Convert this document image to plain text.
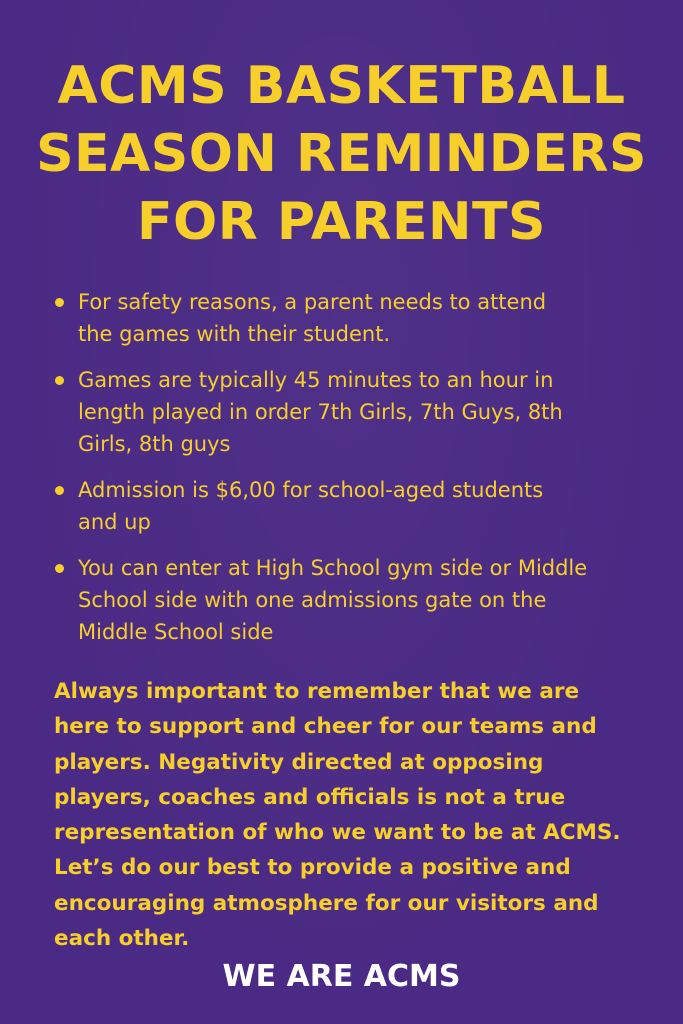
ACMS BASKETBALL
SEASON REMINDERS
FOR PARENTS
For safety reasons, a parent needs to attend
the games with their student.
Games are typically 45 minutes to an hour in
length played in order 7th Girls, 7th Guys, 8th
Girls, 8th guys
Admission is $6,00 for school-aged students
and up
You can enter at High School gym side or Middle
School side with one admissions gate on the
Middle School side

Always important to remember that we are
here to support and cheer for our teams and
players. Negativity directed at opposing
players, coaches and officials is not a true
representation of who we want to be at ACMS.
Let’s do our best to provide a positive and
encouraging atmosphere for our visitors and
each other.

WE ARE ACMS
